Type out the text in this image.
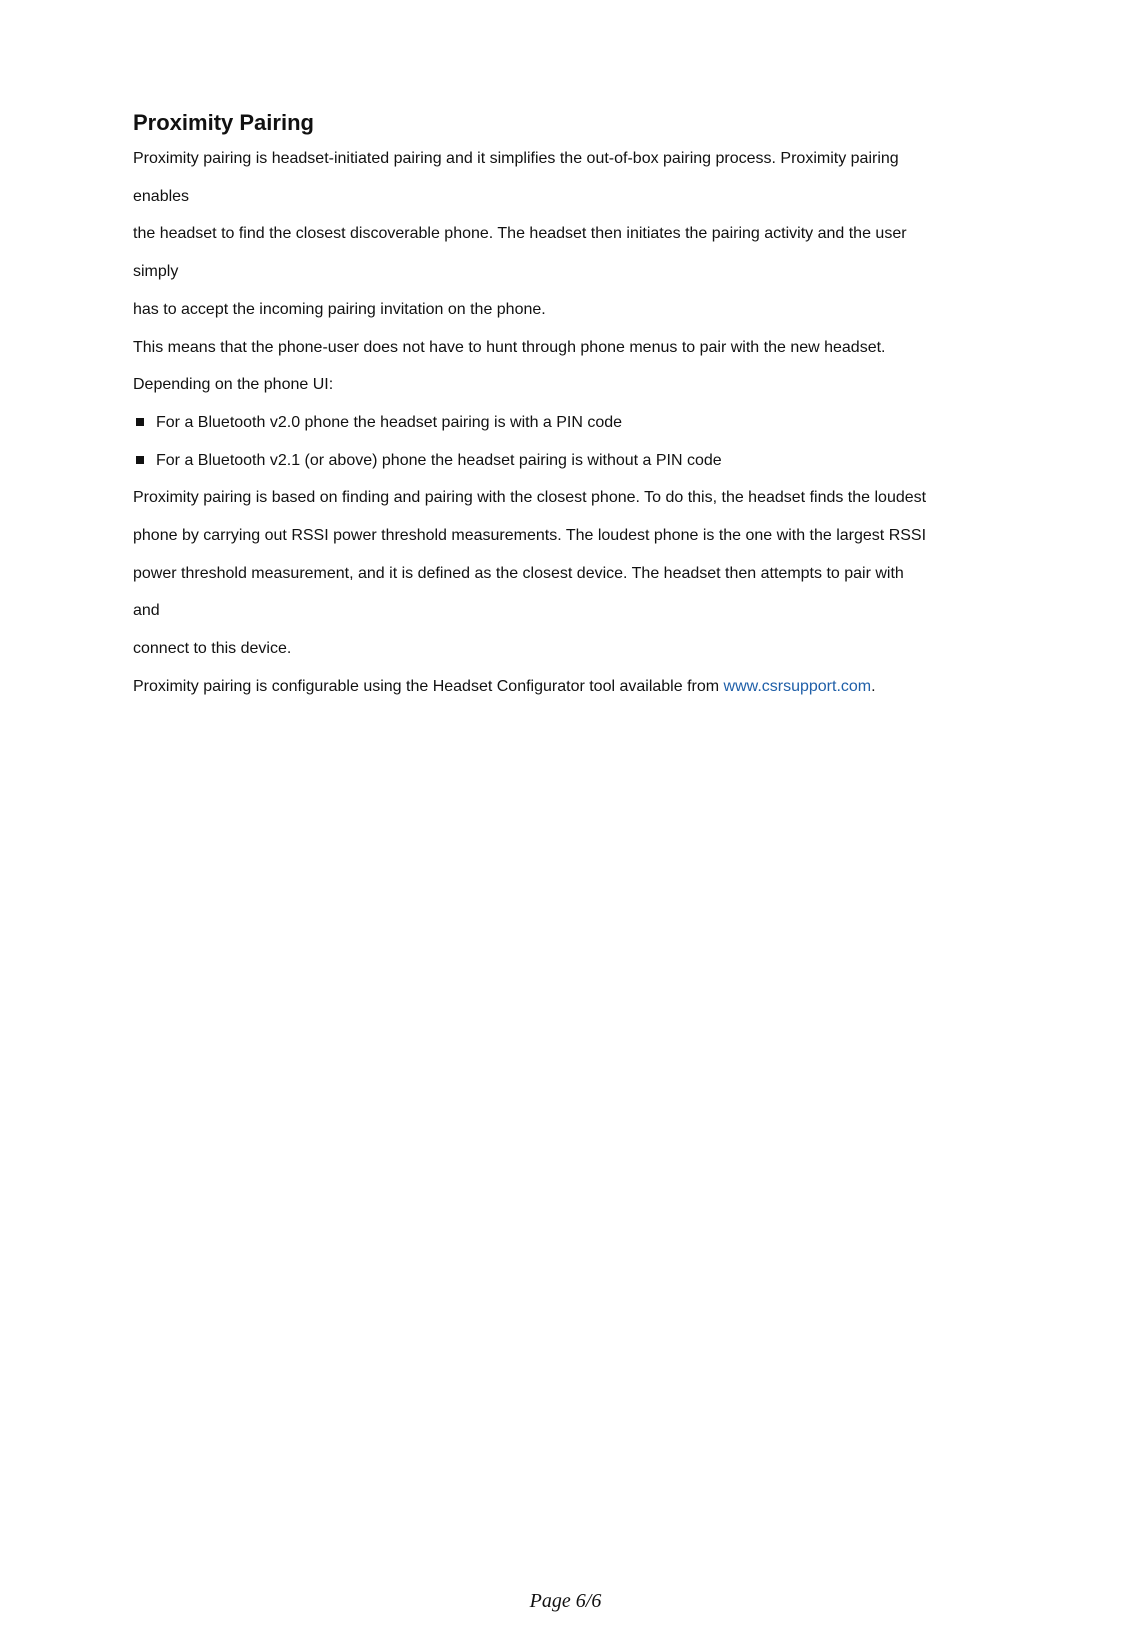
Proximity Pairing

Proximity pairing is headset-initiated pairing and it simplifies the out-of-box pairing process. Proximity pairing

enables

the headset to find the closest discoverable phone. The headset then initiates the pairing activity and the user

simply

has to accept the incoming pairing invitation on the phone.

This means that the phone-user does not have to hunt through phone menus to pair with the new headset.

Depending on the phone UI:

For a Bluetooth v2.0 phone the headset pairing is with a PIN code
For a Bluetooth v2.1 (or above) phone the headset pairing is without a PIN code

Proximity pairing is based on finding and pairing with the closest phone. To do this, the headset finds the loudest

phone by carrying out RSSI power threshold measurements. The loudest phone is the one with the largest RSSI

power threshold measurement, and it is defined as the closest device. The headset then attempts to pair with

and

connect to this device.

Proximity pairing is configurable using the Headset Configurator tool available from www.csrsupport.com.

Page 6/6
